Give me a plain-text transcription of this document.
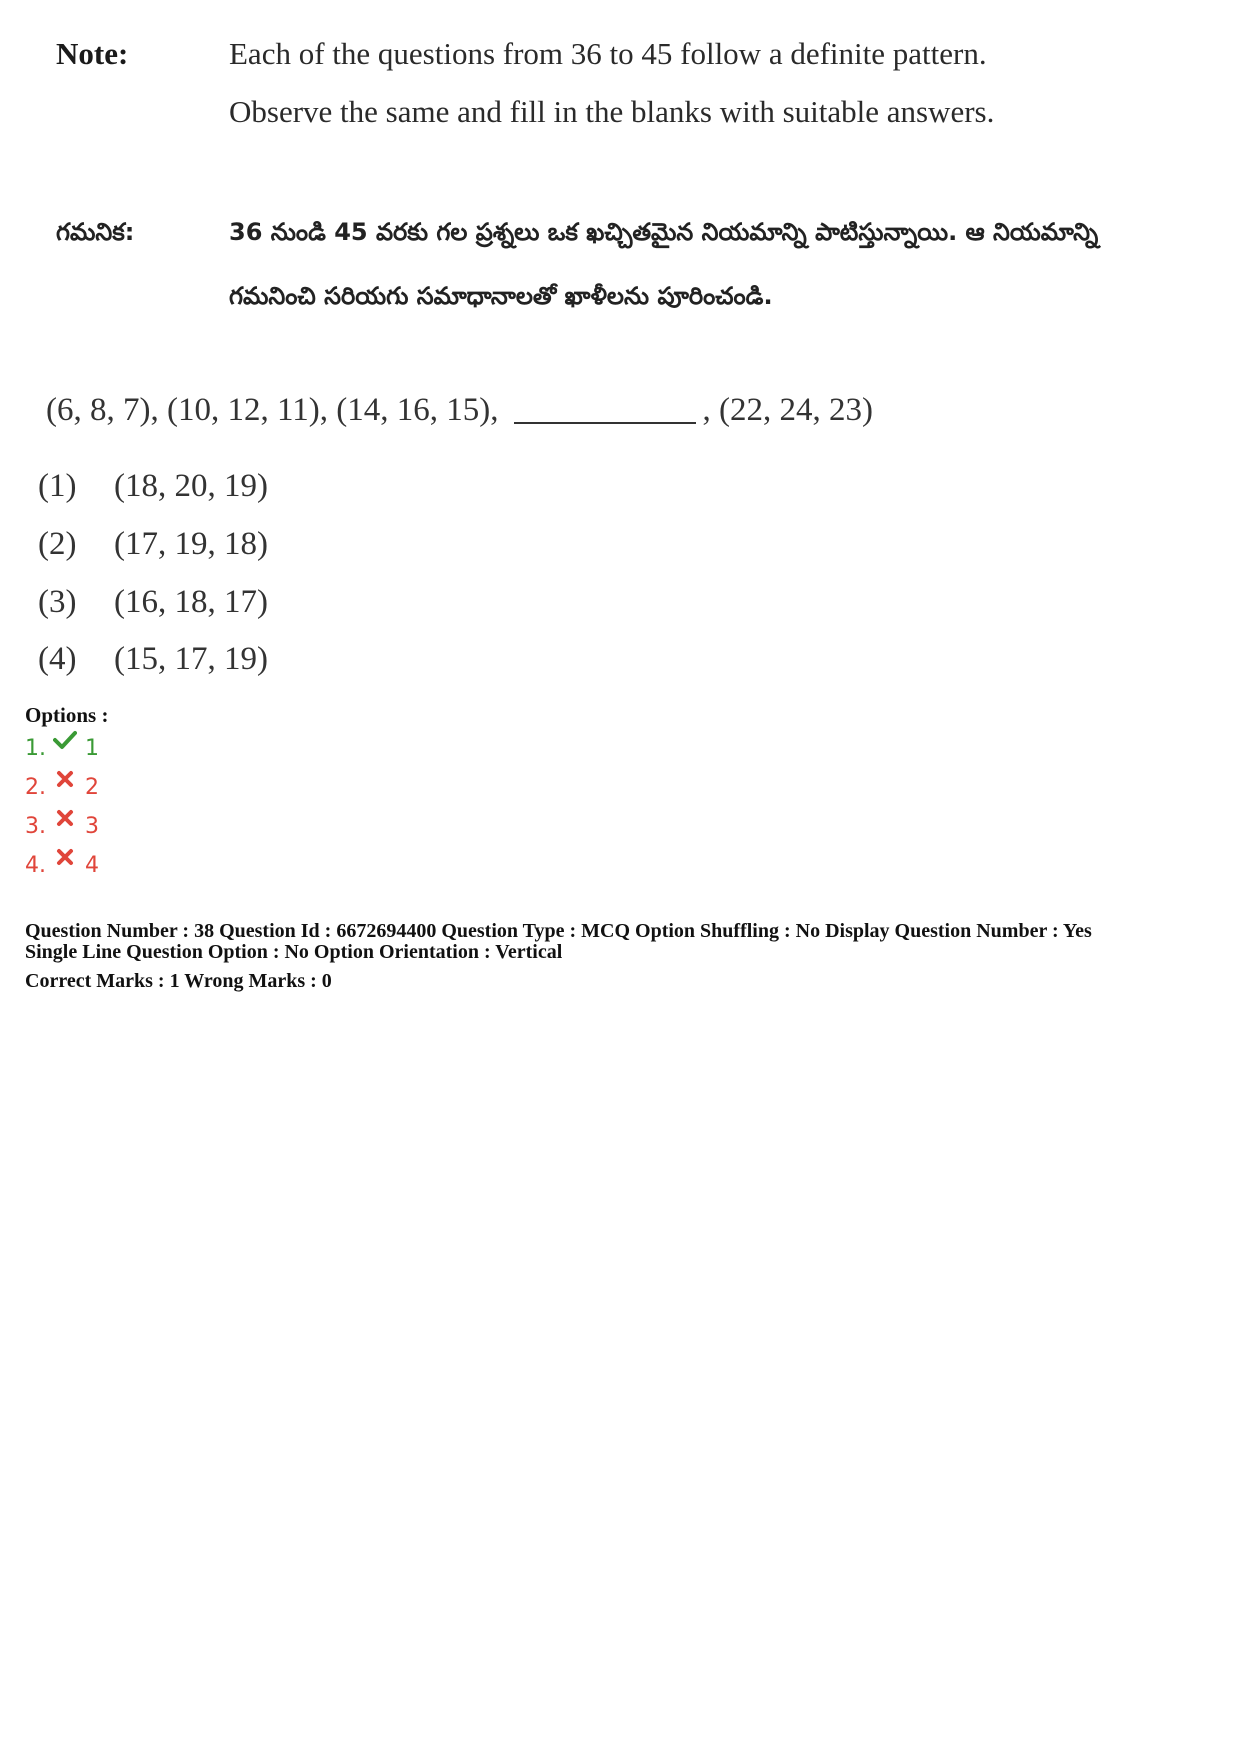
Note:	Each of the questions from 36 to 45 follow a definite pattern.
Observe the same and fill in the blanks with suitable answers.
గమనిక:	36 నుండి 45 వరకు గల ప్రశ్నలు ఒక ఖచ్చితమైన నియమాన్ని పాటిస్తున్నాయి. ఆ నియమాన్ని
గమనించి సరియగు సమాధానాలతో ఖాళీలను పూరించండి.
(6, 8, 7), (10, 12, 11), (14, 16, 15),	, (22, 24, 23)
(1) (18, 20, 19)
(2) (17, 19, 18)
(3) (16, 18, 17)
(4) (15, 17, 19)
Options :
1.	1
2.	2
3.	3
4.	4
Question Number : 38 Question Id : 6672694400 Question Type : MCQ Option Shuffling : No Display Question Number : Yes
Single Line Question Option : No Option Orientation : Vertical
Correct Marks : 1 Wrong Marks : 0
